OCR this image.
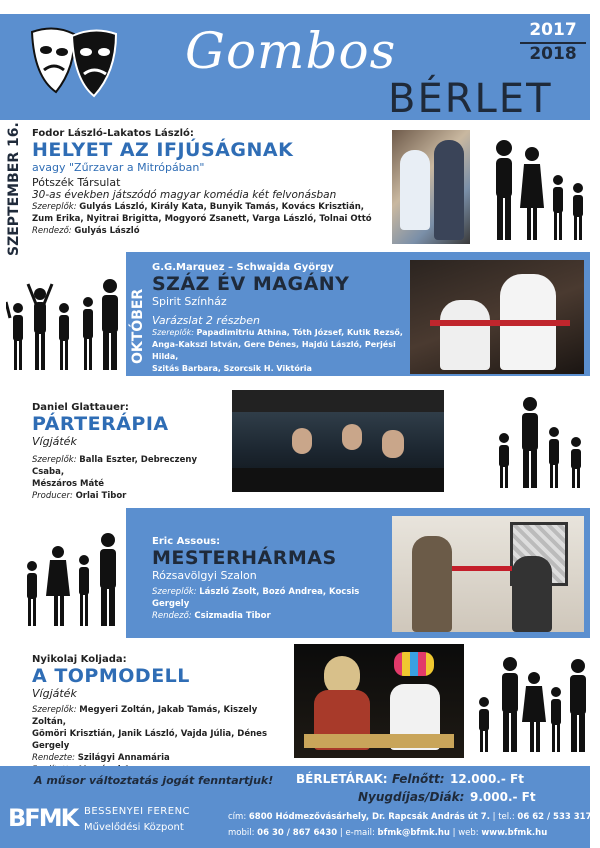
Gombos
BÉRLET
2017
2018
SZEPTEMBER 16. Fodor László-Lakatos László:
HELYET AZ IFJÚSÁGNAK
avagy "Zűrzavar a Mitrópában"
Pótszék Társulat
30-as években játszódó magyar komédia két felvonásban
Szereplők: Gulyás László, Király Kata, Bunyik Tamás, Kovács Krisztián,
Zum Erika, Nyitrai Brigitta, Mogyoró Zsanett, Varga László, Tolnai Ottó
Rendező: Gulyás László
OKTÓBER
G.G.Marquez – Schwajda György
SZÁZ ÉV MAGÁNY
Spirit Színház
Varázslat 2 részben
Szereplők: Papadimitriu Athina, Tóth József, Kutik Rezső,
Anga-Kakszi István, Gere Dénes, Hajdú László, Perjési Hilda,
Szitás Barbara, Szorcsik H. Viktória
Rendező: Czeizel Gábor
Daniel Glattauer:
PÁRTERÁPIA
Vígjáték
Szereplők: Balla Eszter, Debreczeny Csaba,
Mészáros Máté
Producer: Orlai Tibor
Eric Assous:
MESTERHÁRMAS
Rózsavölgyi Szalon
Szereplők: László Zsolt, Bozó Andrea, Kocsis Gergely
Rendező: Csizmadia Tibor
Nyikolaj Koljada:
A TOPMODELL
Vígjáték
Szereplők: Megyeri Zoltán, Jakab Tamás, Kiszely Zoltán,
Gömöri Krisztián, Janik László, Vajda Júlia, Dénes Gergely
Rendezte: Szilágyi Annamária
A műsor változtatás jogát fenntartjuk! BÉRLETÁRAK: Felnőtt: 12.000.- Ft
Nyugdíjas/Diák: 9.000.- Ft
BFMK BESSENYEI FERENC
Művelődési Központ
cím: 6800 Hódmezővásárhely, Dr. Rapcsák András út 7. | tel.: 06 62 / 533 317
mobil: 06 30 / 867 6430 | e-mail: bfmk@bfmk.hu | web: www.bfmk.hu
